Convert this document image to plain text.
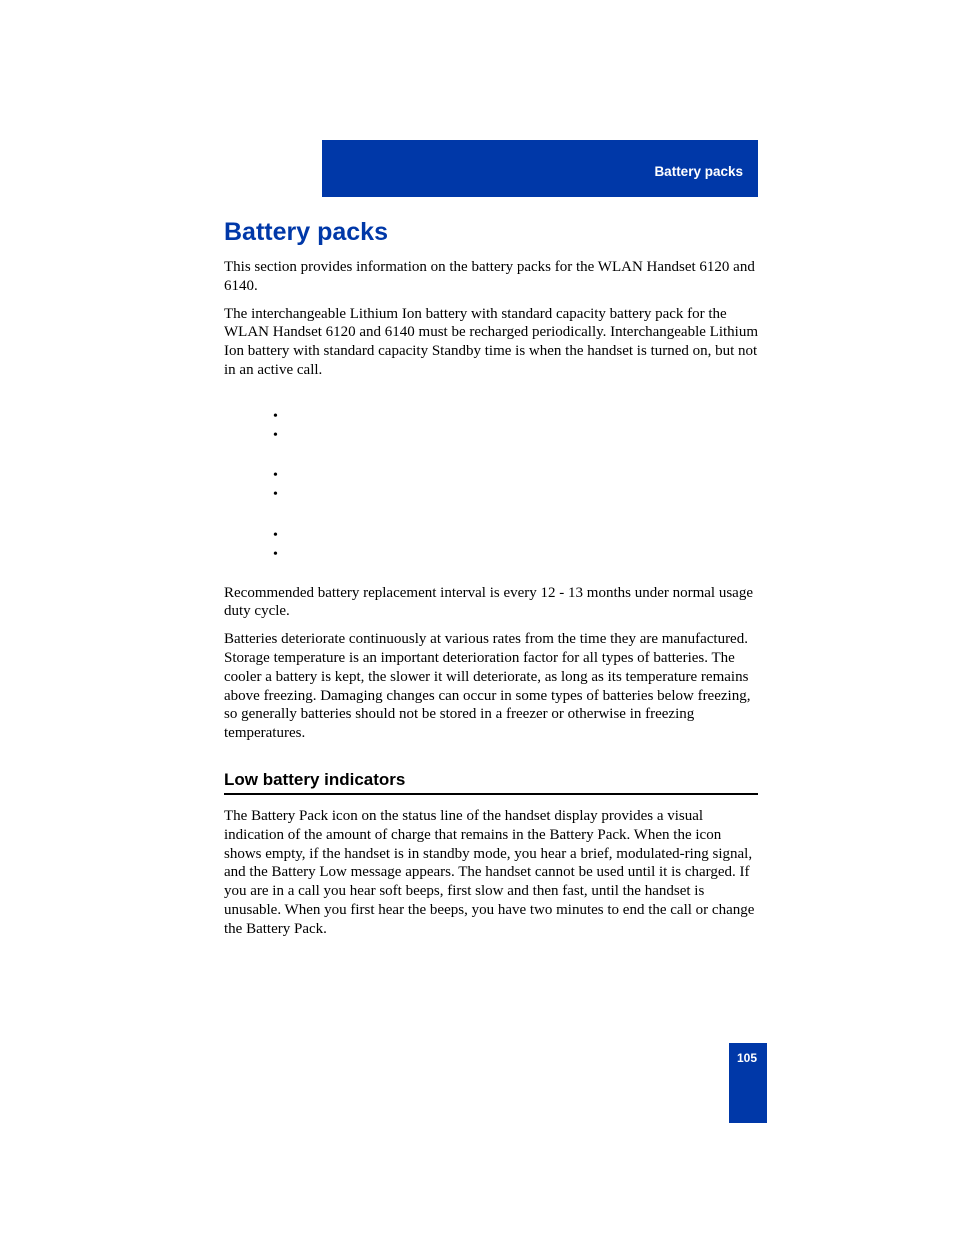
Battery packs
Battery packs

This section provides information on the battery packs for the WLAN Handset 6120 and 6140.

The interchangeable Lithium Ion battery with standard capacity battery pack for the WLAN Handset 6120 and 6140 must be recharged periodically. Interchangeable Lithium Ion battery with standard capacity Standby time is when the handset is turned on, but not in an active call.

•
•
•
•
•
•

Recommended battery replacement interval is every 12 - 13 months under normal usage duty cycle.

Batteries deteriorate continuously at various rates from the time they are manufactured. Storage temperature is an important deterioration factor for all types of batteries. The cooler a battery is kept, the slower it will deteriorate, as long as its temperature remains above freezing. Damaging changes can occur in some types of batteries below freezing, so generally batteries should not be stored in a freezer or otherwise in freezing temperatures.

Low battery indicators

The Battery Pack icon on the status line of the handset display provides a visual indication of the amount of charge that remains in the Battery Pack. When the icon shows empty, if the handset is in standby mode, you hear a brief, modulated-ring signal, and the Battery Low message appears. The handset cannot be used until it is charged. If you are in a call you hear soft beeps, first slow and then fast, until the handset is unusable. When you first hear the beeps, you have two minutes to end the call or change the Battery Pack.

105
